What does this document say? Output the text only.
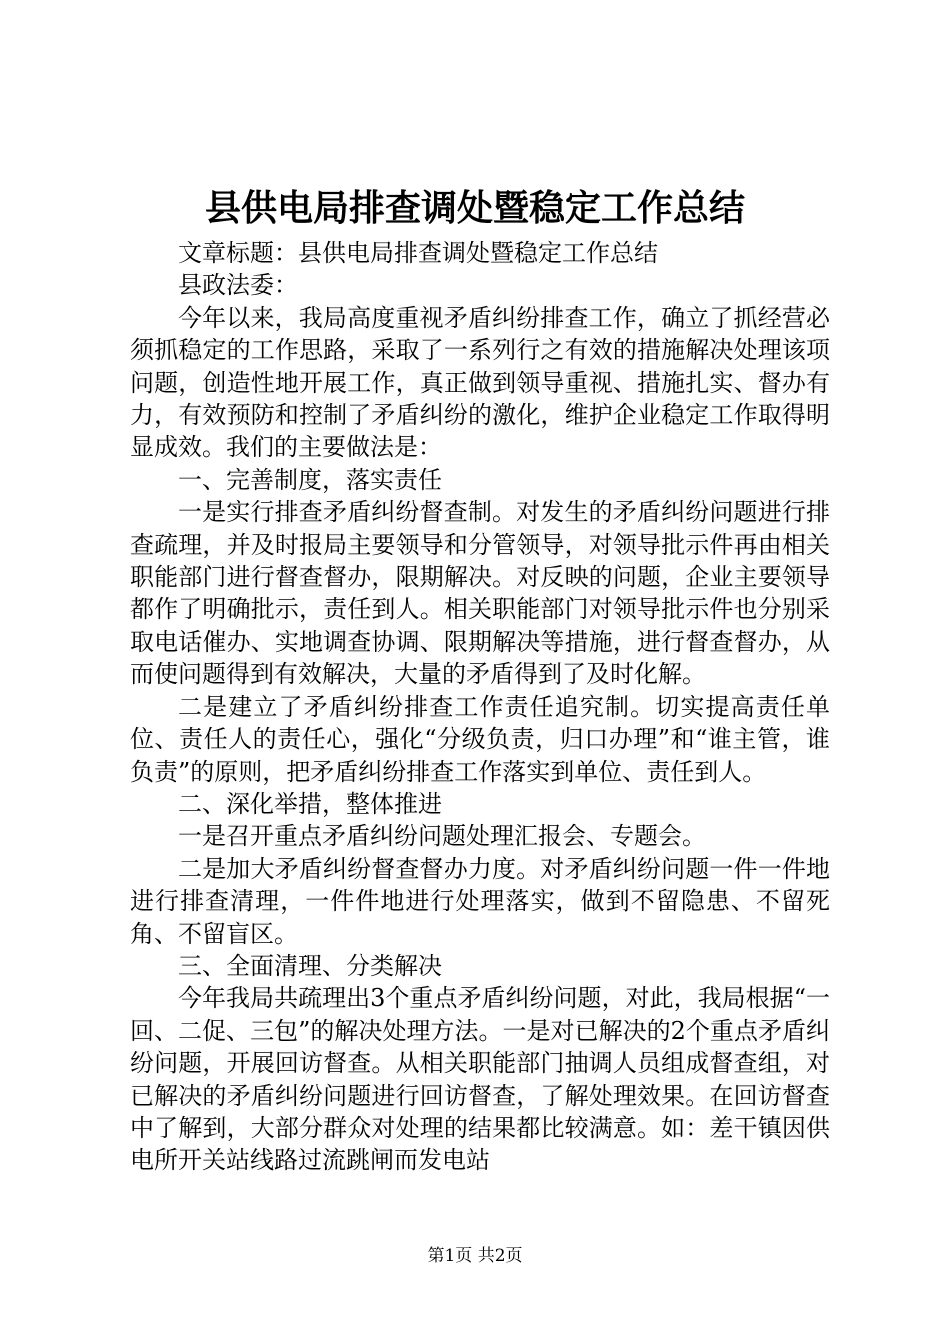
县供电局排查调处暨稳定工作总结

文章标题：县供电局排查调处暨稳定工作总结

县政法委：

今年以来，我局高度重视矛盾纠纷排查工作，确立了抓经营必须抓稳定的工作思路，采取了一系列行之有效的措施解决处理该项问题，创造性地开展工作，真正做到领导重视、措施扎实、督办有力，有效预防和控制了矛盾纠纷的激化，维护企业稳定工作取得明显成效。我们的主要做法是：

一、完善制度，落实责任

一是实行排查矛盾纠纷督查制。对发生的矛盾纠纷问题进行排查疏理，并及时报局主要领导和分管领导，对领导批示件再由相关职能部门进行督查督办，限期解决。对反映的问题，企业主要领导都作了明确批示，责任到人。相关职能部门对领导批示件也分别采取电话催办、实地调查协调、限期解决等措施，进行督查督办，从而使问题得到有效解决，大量的矛盾得到了及时化解。

二是建立了矛盾纠纷排查工作责任追究制。切实提高责任单位、责任人的责任心，强化“分级负责，归口办理”和“谁主管，谁负责”的原则，把矛盾纠纷排查工作落实到单位、责任到人。

二、深化举措，整体推进

一是召开重点矛盾纠纷问题处理汇报会、专题会。

二是加大矛盾纠纷督查督办力度。对矛盾纠纷问题一件一件地进行排查清理，一件件地进行处理落实，做到不留隐患、不留死角、不留盲区。

三、全面清理、分类解决

今年我局共疏理出3个重点矛盾纠纷问题，对此，我局根据“一回、二促、三包”的解决处理方法。一是对已解决的2个重点矛盾纠纷问题，开展回访督查。从相关职能部门抽调人员组成督查组，对已解决的矛盾纠纷问题进行回访督查，了解处理效果。在回访督查中了解到，大部分群众对处理的结果都比较满意。如：差干镇因供电所开关站线路过流跳闸而发电站

第1页 共2页
